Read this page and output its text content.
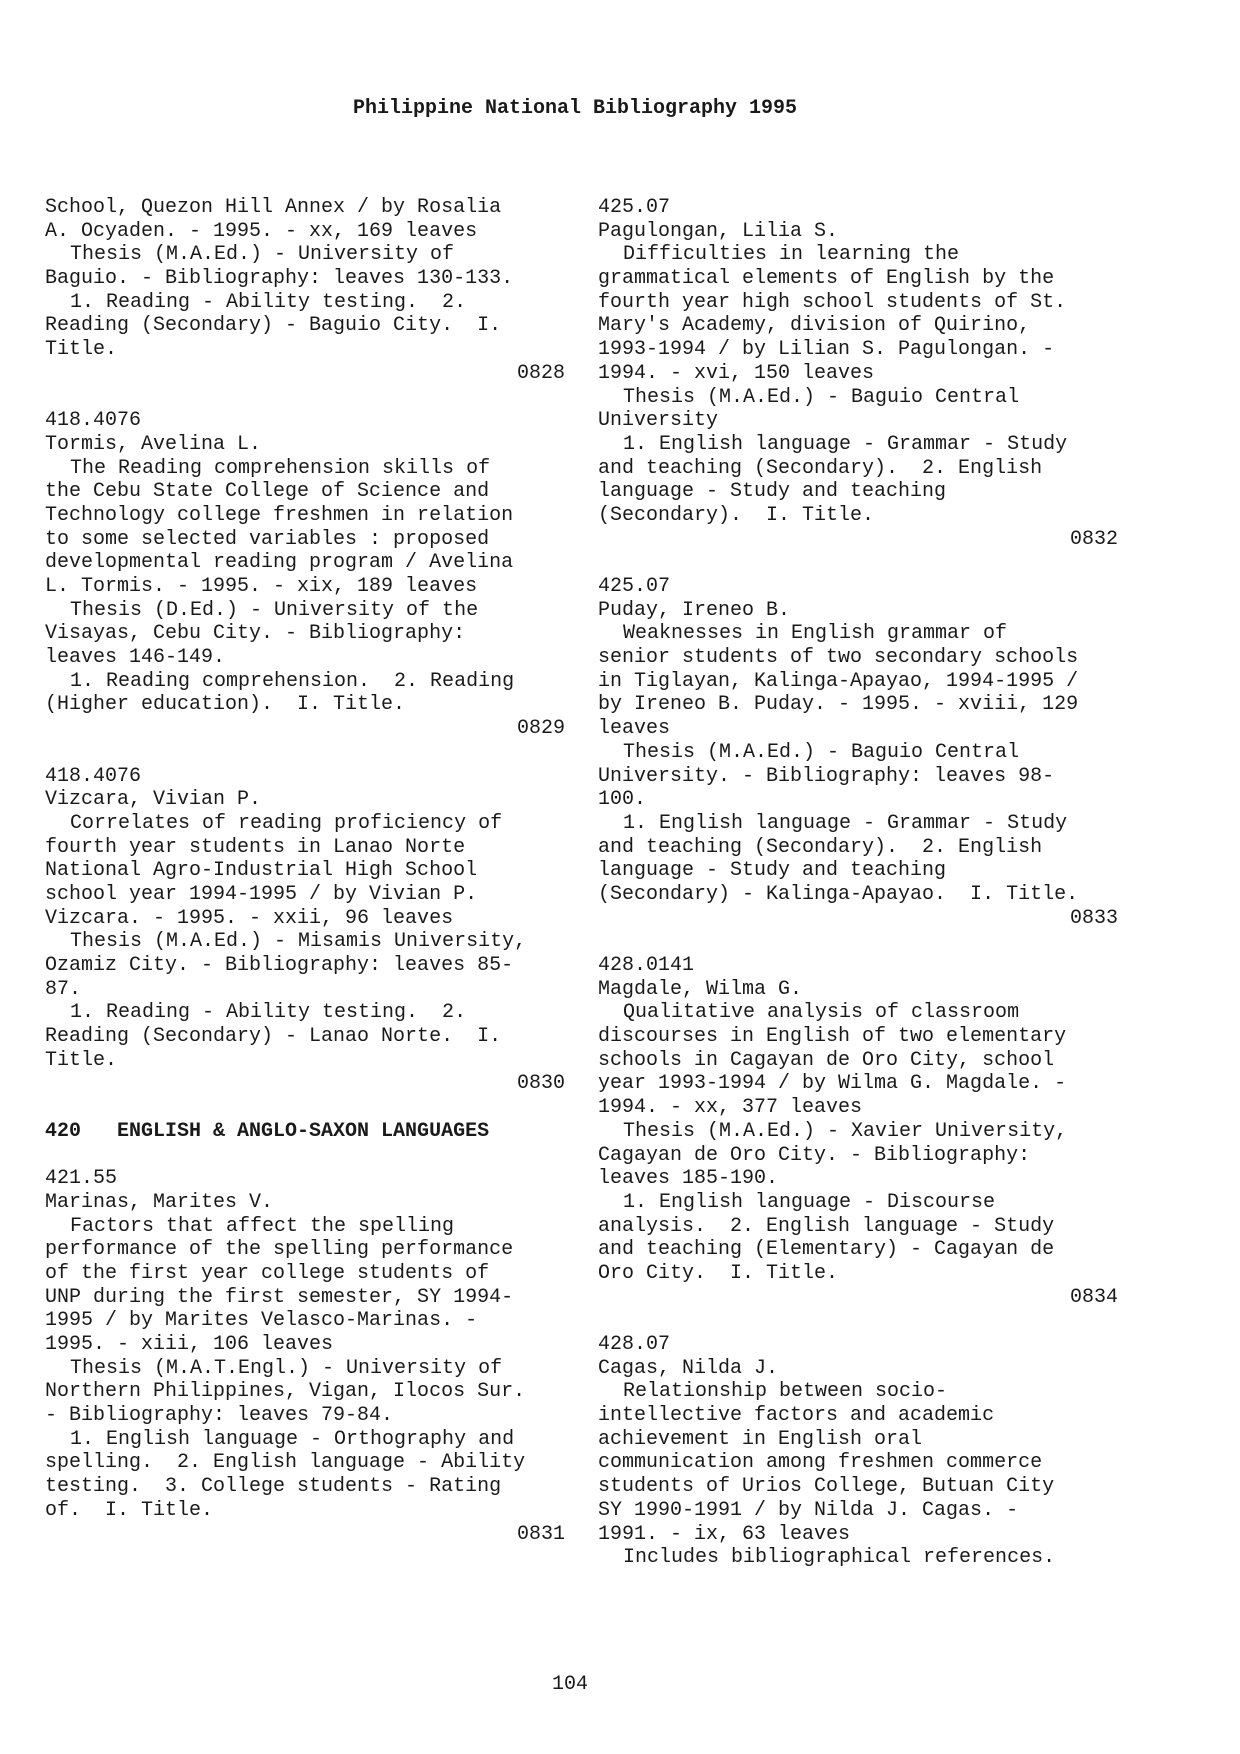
Philippine National Bibliography 1995
School, Quezon Hill Annex / by Rosalia
A. Ocyaden. - 1995. - xx, 169 leaves
Thesis (M.A.Ed.) - University of
Baguio. - Bibliography: leaves 130-133.
1. Reading - Ability testing.  2.
Reading (Secondary) - Baguio City.  I.
Title.
0828
418.4076
Tormis, Avelina L.
The Reading comprehension skills of
the Cebu State College of Science and
Technology college freshmen in relation
to some selected variables : proposed
developmental reading program / Avelina
L. Tormis. - 1995. - xix, 189 leaves
Thesis (D.Ed.) - University of the
Visayas, Cebu City. - Bibliography:
leaves 146-149.
1. Reading comprehension.  2. Reading
(Higher education).  I. Title.
0829
418.4076
Vizcara, Vivian P.
Correlates of reading proficiency of
fourth year students in Lanao Norte
National Agro-Industrial High School
school year 1994-1995 / by Vivian P.
Vizcara. - 1995. - xxii, 96 leaves
Thesis (M.A.Ed.) - Misamis University,
Ozamiz City. - Bibliography: leaves 85-
87.
1. Reading - Ability testing.  2.
Reading (Secondary) - Lanao Norte.  I.
Title.
0830
420   ENGLISH & ANGLO-SAXON LANGUAGES
421.55
Marinas, Marites V.
Factors that affect the spelling
performance of the spelling performance
of the first year college students of
UNP during the first semester, SY 1994-
1995 / by Marites Velasco-Marinas. -
1995. - xiii, 106 leaves
Thesis (M.A.T.Engl.) - University of
Northern Philippines, Vigan, Ilocos Sur.
- Bibliography: leaves 79-84.
1. English language - Orthography and
spelling.  2. English language - Ability
testing.  3. College students - Rating
of.  I. Title.
0831
425.07
Pagulongan, Lilia S.
Difficulties in learning the
grammatical elements of English by the
fourth year high school students of St.
Mary's Academy, division of Quirino,
1993-1994 / by Lilian S. Pagulongan. -
1994. - xvi, 150 leaves
Thesis (M.A.Ed.) - Baguio Central
University
1. English language - Grammar - Study
and teaching (Secondary).  2. English
language - Study and teaching
(Secondary).  I. Title.
0832
425.07
Puday, Ireneo B.
Weaknesses in English grammar of
senior students of two secondary schools
in Tiglayan, Kalinga-Apayao, 1994-1995 /
by Ireneo B. Puday. - 1995. - xviii, 129
leaves
Thesis (M.A.Ed.) - Baguio Central
University. - Bibliography: leaves 98-
100.
1. English language - Grammar - Study
and teaching (Secondary).  2. English
language - Study and teaching
(Secondary) - Kalinga-Apayao.  I. Title.
0833
428.0141
Magdale, Wilma G.
Qualitative analysis of classroom
discourses in English of two elementary
schools in Cagayan de Oro City, school
year 1993-1994 / by Wilma G. Magdale. -
1994. - xx, 377 leaves
Thesis (M.A.Ed.) - Xavier University,
Cagayan de Oro City. - Bibliography:
leaves 185-190.
1. English language - Discourse
analysis.  2. English language - Study
and teaching (Elementary) - Cagayan de
Oro City.  I. Title.
0834
428.07
Cagas, Nilda J.
Relationship between socio-
intellective factors and academic
achievement in English oral
communication among freshmen commerce
students of Urios College, Butuan City
SY 1990-1991 / by Nilda J. Cagas. -
1991. - ix, 63 leaves
Includes bibliographical references.
104
